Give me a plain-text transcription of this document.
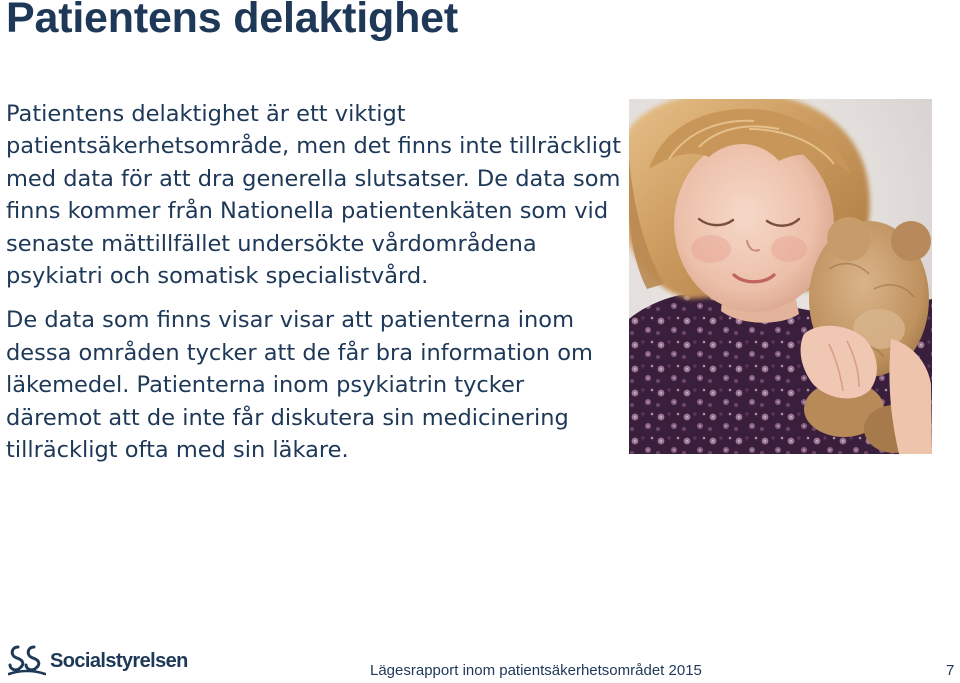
Patientens delaktighet

Patientens delaktighet är ett viktigt patientsäkerhetsområde, men det finns inte tillräckligt med data för att dra generella slutsatser. De data som finns kommer från Nationella patientenkäten som vid senaste mättillfället undersökte vårdområdena psykiatri och somatisk specialistvård.

De data som finns visar visar att patienterna inom dessa områden tycker att de får bra information om läkemedel. Patienterna inom psykiatrin tycker däremot att de inte får diskutera sin medicinering tillräckligt ofta med sin läkare.

Socialstyrelsen	Lägesrapport inom patientsäkerhetsområdet 2015	7
